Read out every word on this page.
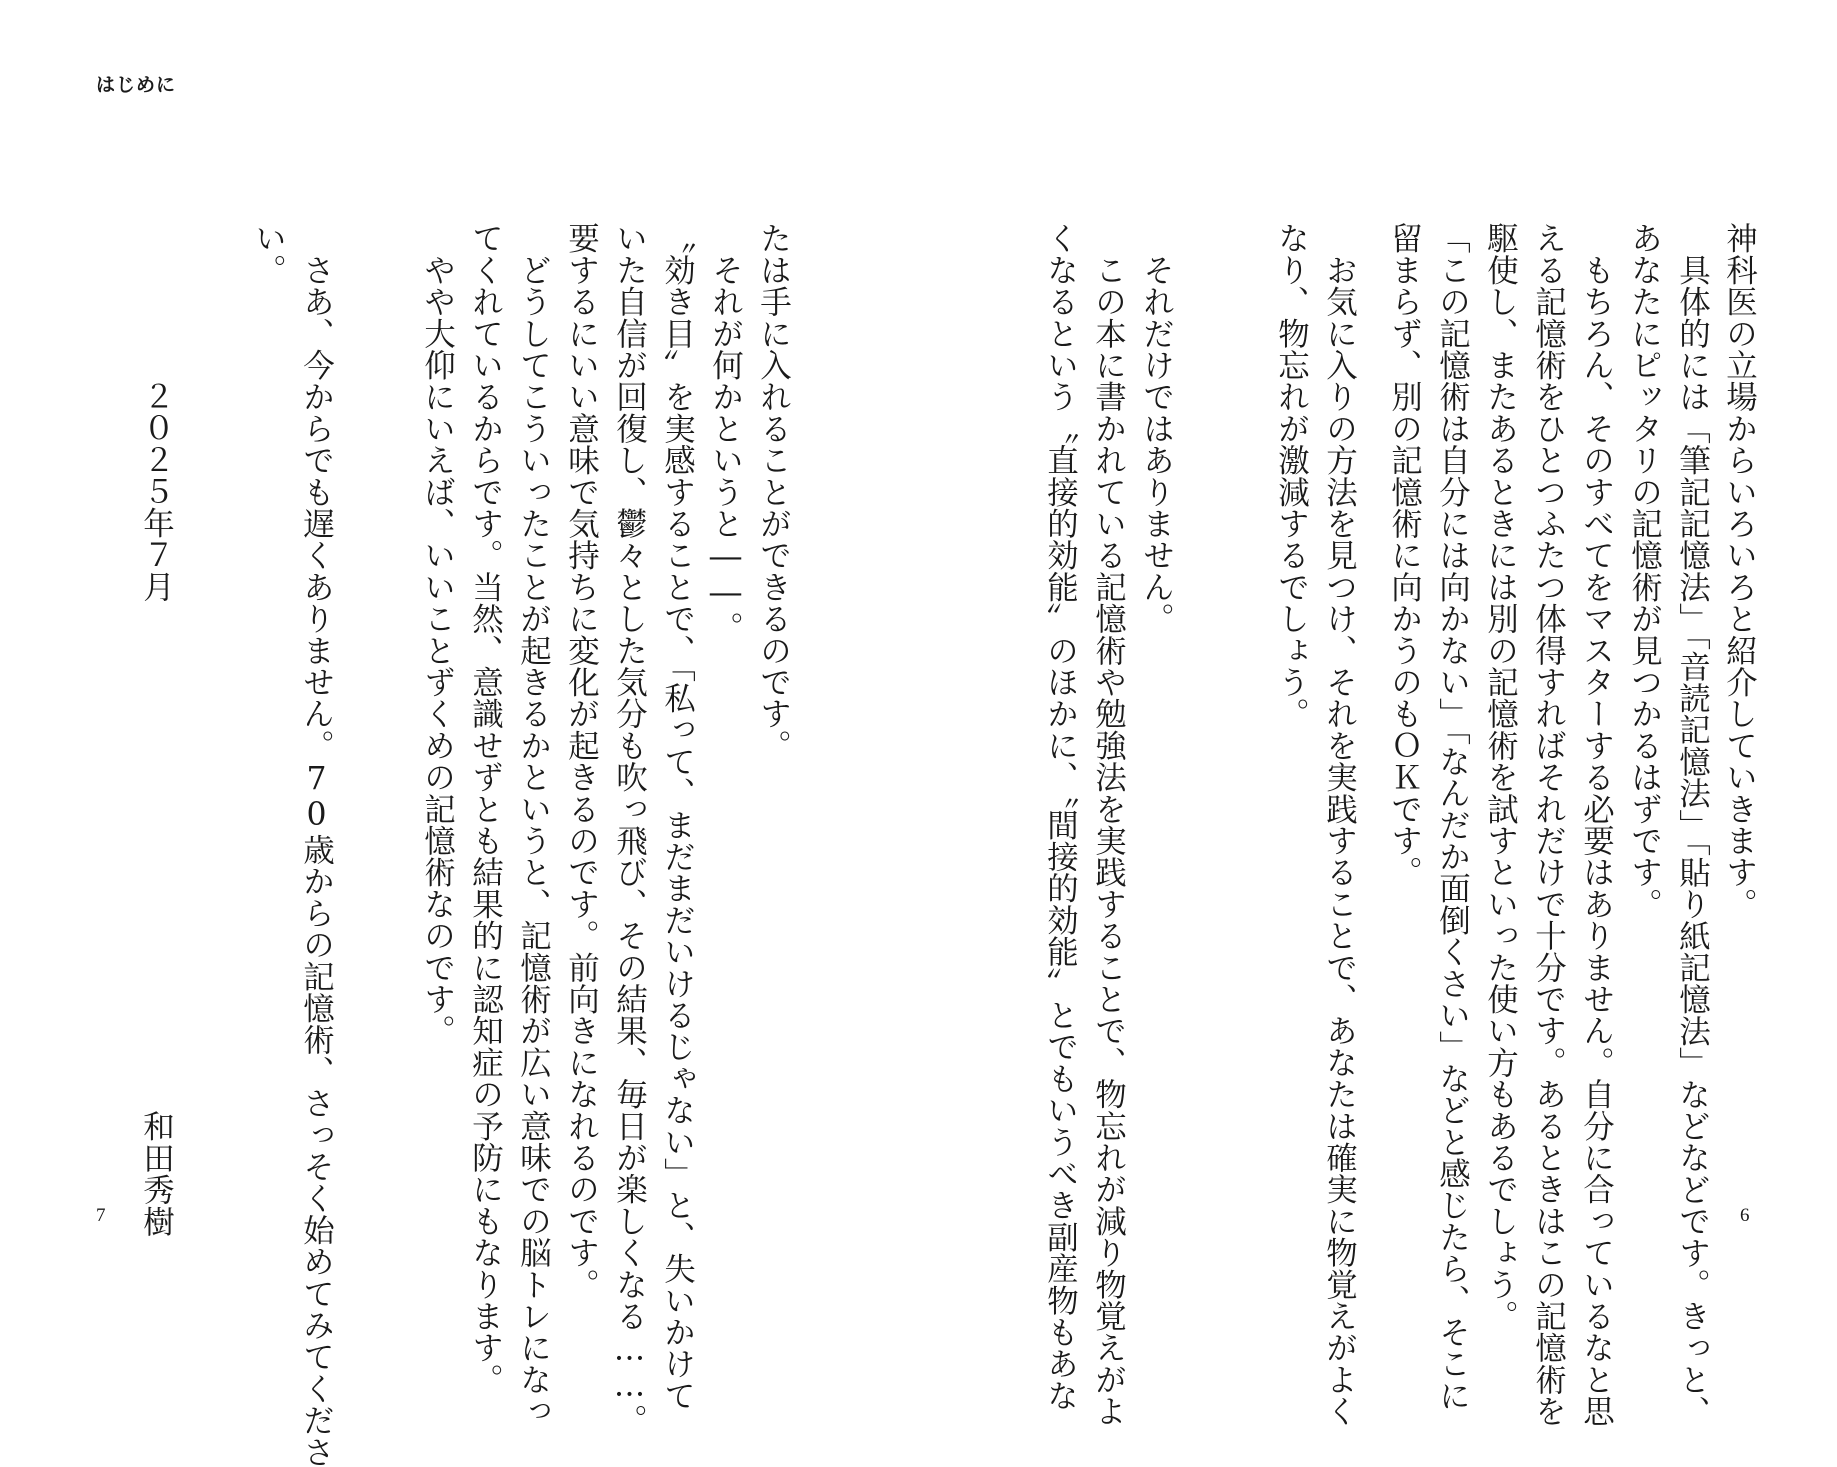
はじめに
神科医の立場からいろいろと紹介していきます。
　具体的には「筆記記憶法」「音読記憶法」「貼り紙記憶法」などなどです。きっと、
あなたにピッタリの記憶術が見つかるはずです。
　もちろん、そのすべてをマスターする必要はありません。自分に合っているなと思
える記憶術をひとつふたつ体得すればそれだけで十分です。あるときはこの記憶術を
駆使し、またあるときには別の記憶術を試すといった使い方もあるでしょう。
「この記憶術は自分には向かない」「なんだか面倒くさい」などと感じたら、そこに
留まらず、別の記憶術に向かうのもＯＫです。
　お気に入りの方法を見つけ、それを実践することで、あなたは確実に物覚えがよく
なり、物忘れが激減するでしょう。
　それだけではありません。
　この本に書かれている記憶術や勉強法を実践することで、物忘れが減り物覚えがよ
くなるという〝直接的効能〟のほかに、〝間接的効能〟とでもいうべき副産物もあな
たは手に入れることができるのです。
　それが何かというと――。
〝効き目〟を実感することで、「私って、まだまだいけるじゃない」と、失いかけて
いた自信が回復し、鬱々とした気分も吹っ飛び、その結果、毎日が楽しくなる……。
要するにいい意味で気持ちに変化が起きるのです。前向きになれるのです。
　どうしてこういったことが起きるかというと、記憶術が広い意味での脳トレになっ
てくれているからです。当然、意識せずとも結果的に認知症の予防にもなります。
　やや大仰にいえば、いいことずくめの記憶術なのです。
　さあ、今からでも遅くありません。70歳からの記憶術、さっそく始めてみてくださ
い。
２０２５年７月
和田秀樹
7	6
